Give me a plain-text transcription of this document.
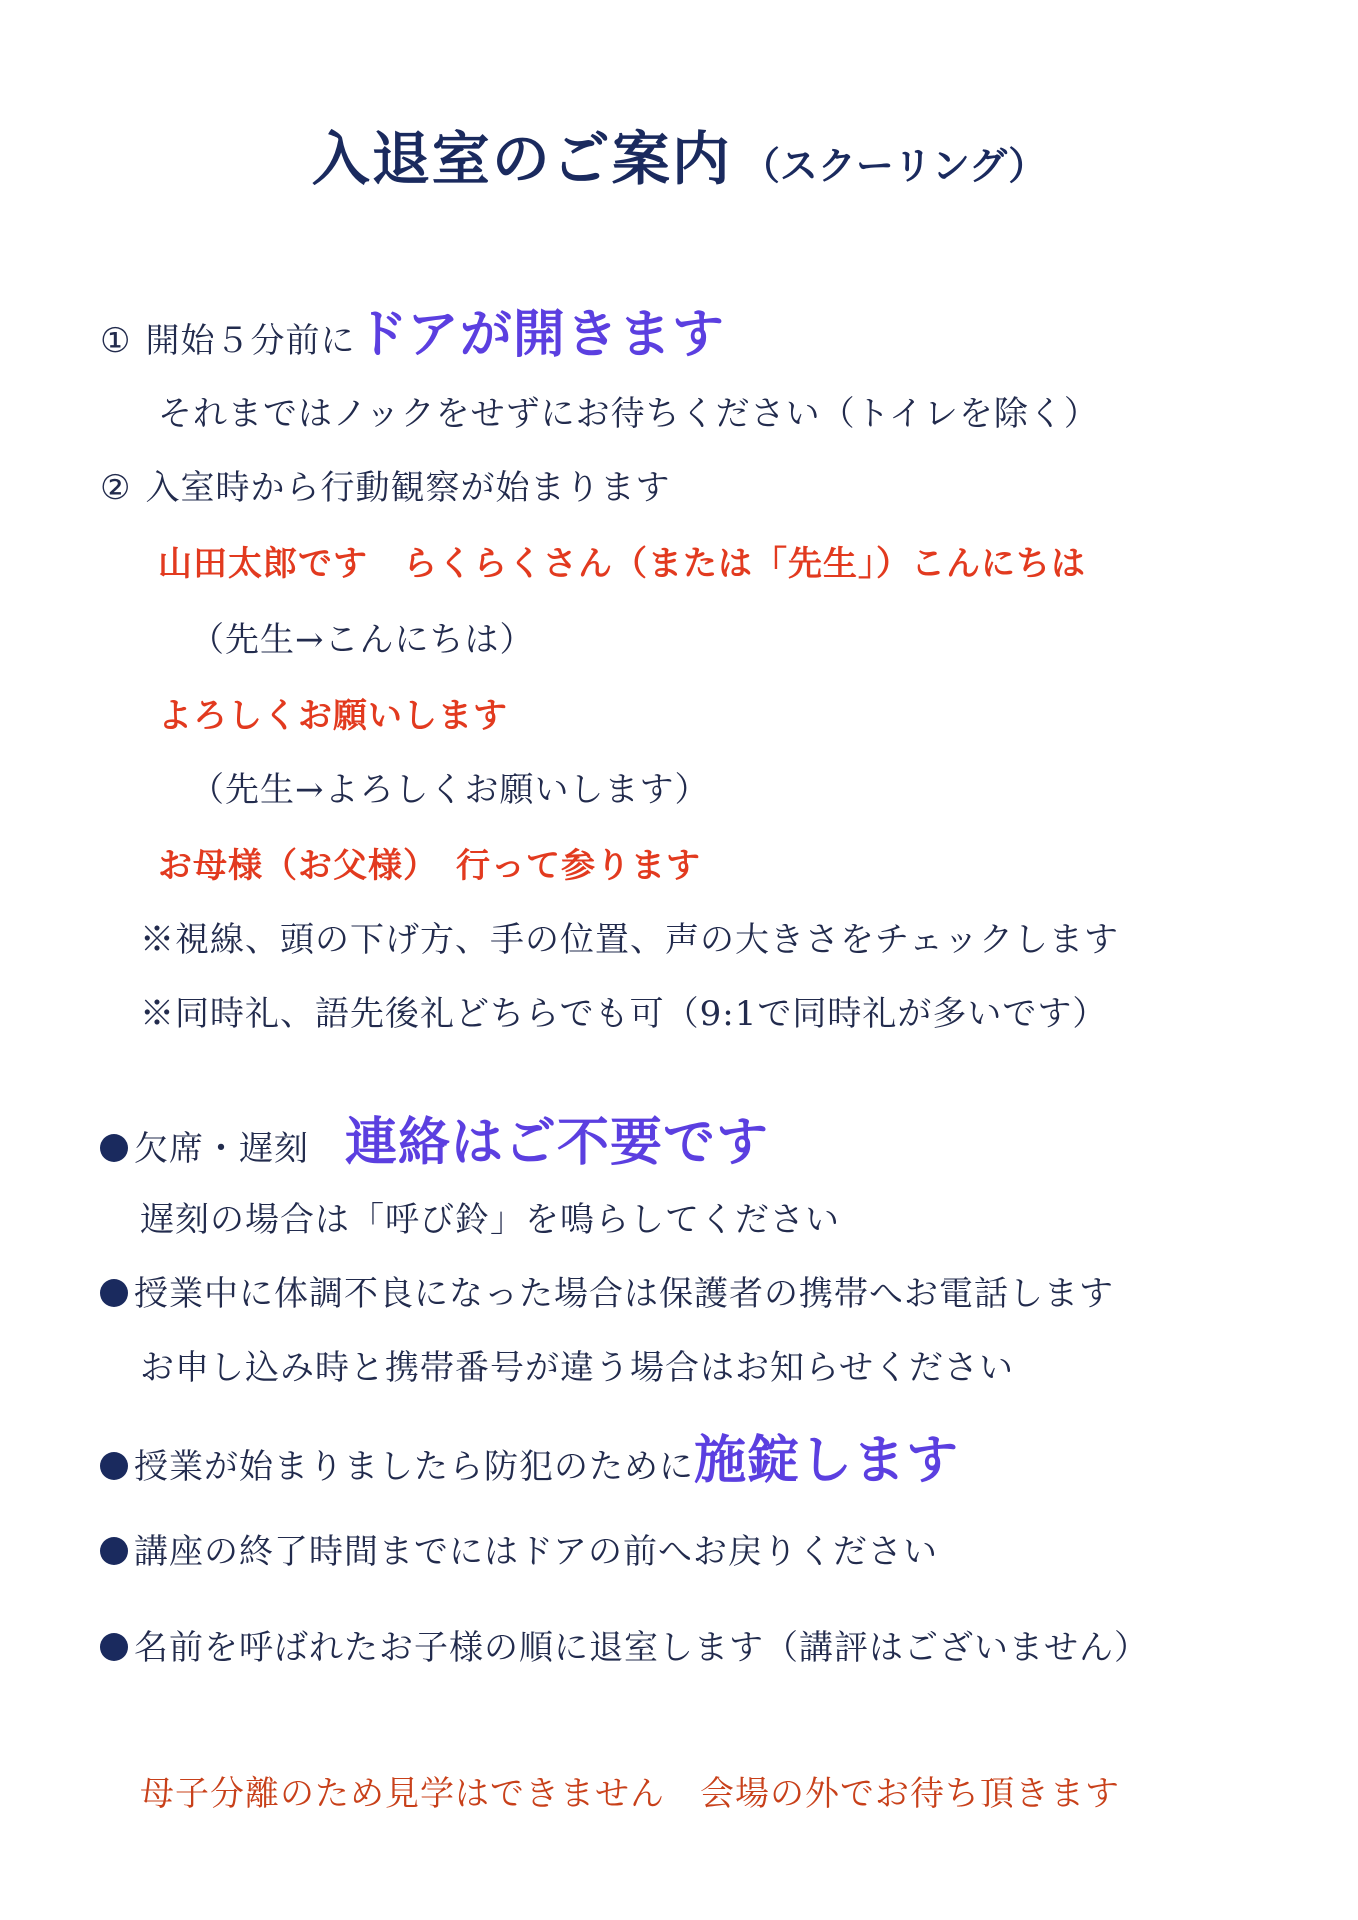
入退室のご案内 （スクーリング）
① 開始５分前にドアが開きます
それまではノックをせずにお待ちください（トイレを除く）
② 入室時から行動観察が始まります
山田太郎です　らくらくさん（または「先生」）こんにちは
（先生→こんにちは）
よろしくお願いします
（先生→よろしくお願いします）
お母様（お父様）　行って参ります
※視線、頭の下げ方、手の位置、声の大きさをチェックします
※同時礼、語先後礼どちらでも可（9:1で同時礼が多いです）
欠席・遅刻 連絡はご不要です
遅刻の場合は「呼び鈴」を鳴らしてください
授業中に体調不良になった場合は保護者の携帯へお電話します
お申し込み時と携帯番号が違う場合はお知らせください
授業が始まりましたら防犯のために施錠します
講座の終了時間までにはドアの前へお戻りください
名前を呼ばれたお子様の順に退室します（講評はございません）
母子分離のため見学はできません　会場の外でお待ち頂きます
